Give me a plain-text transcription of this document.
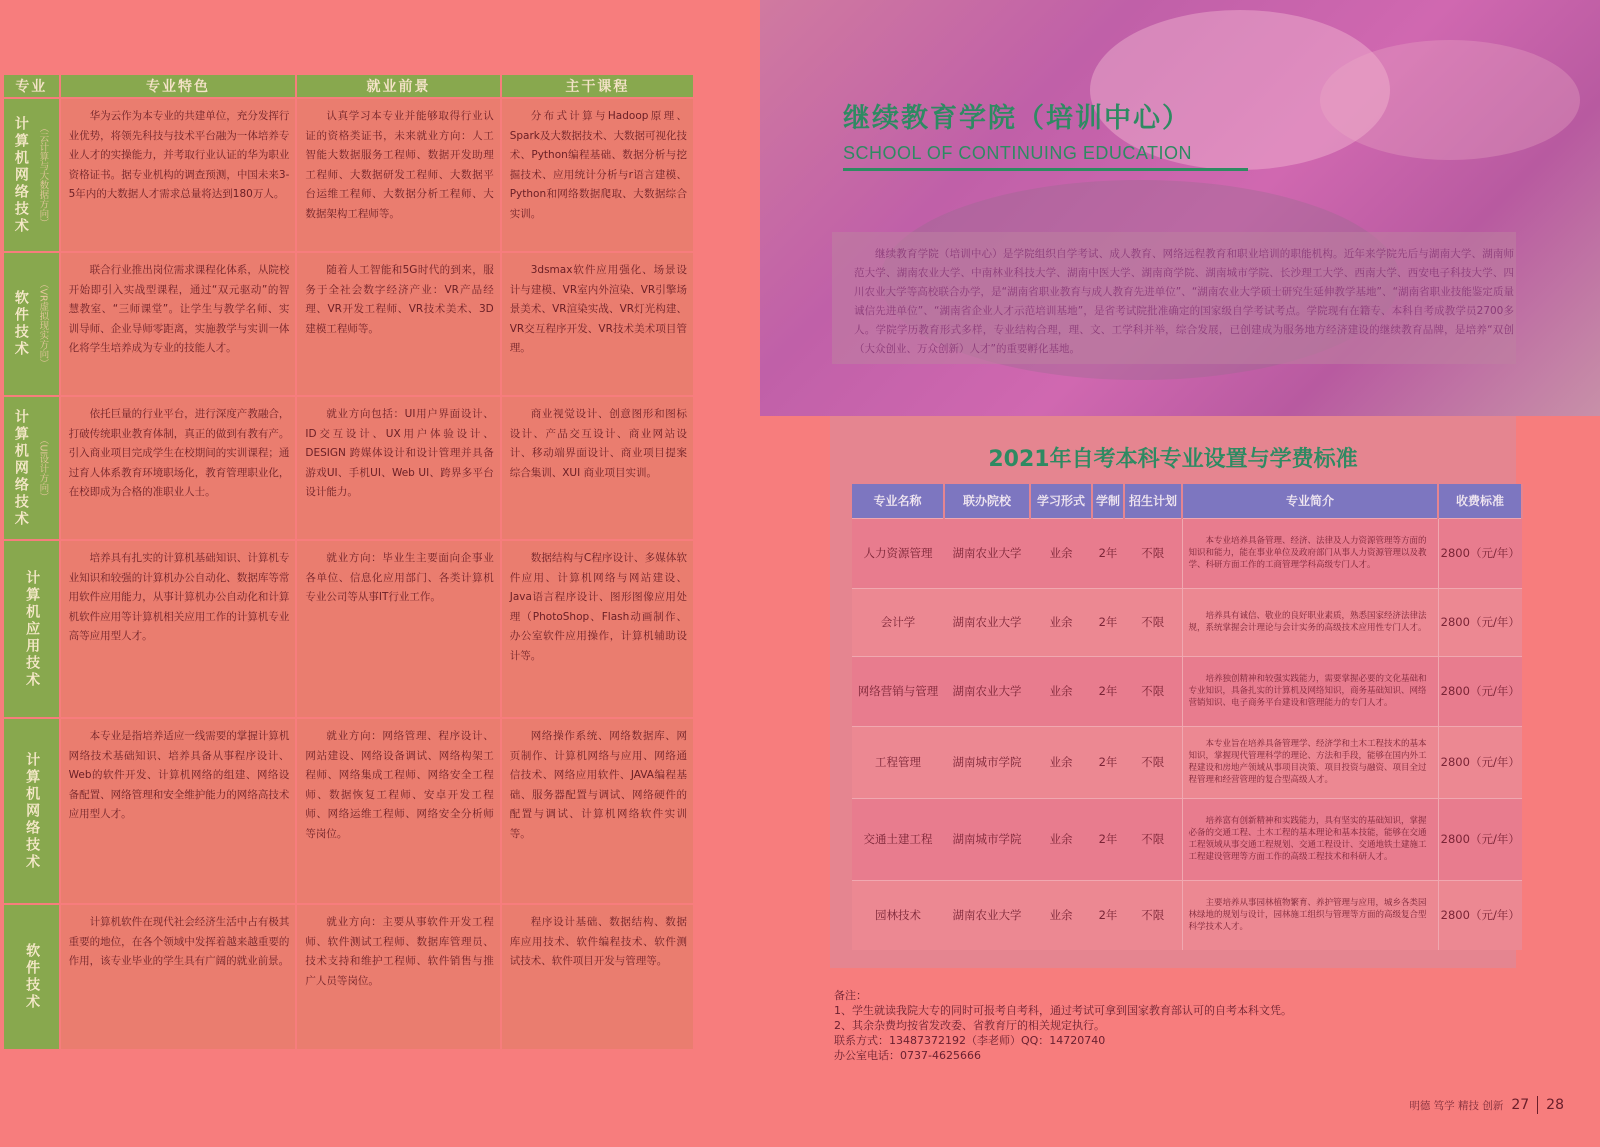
专业	专业特色	就业前景	主干课程

计算机网络技术 （云计算与大数据方向）	华为云作为本专业的共建单位，充分发挥行业优势，将领先科技与技术平台融为一体培养专业人才的实操能力，并考取行业认证的华为职业资格证书。据专业机构的调查预测，中国未来3-5年内的大数据人才需求总量将达到180万人。	认真学习本专业并能够取得行业认证的资格类证书，未来就业方向：人工智能大数据服务工程师、数据开发助理工程师、大数据研发工程师、大数据平台运维工程师、大数据分析工程师、大数据架构工程师等。	分布式计算与Hadoop原理、Spark及大数据技术、大数据可视化技术、Python编程基础、数据分析与挖掘技术、应用统计分析与r语言建模、Python和网络数据爬取、大数据综合实训。

软件技术 （VR虚拟现实方向）	联合行业推出岗位需求课程化体系，从院校开始即引入实战型课程，通过“双元驱动”的智慧教室、“三师课堂”。让学生与教学名师、实训导师、企业导师零距离，实施教学与实训一体化将学生培养成为专业的技能人才。	随着人工智能和5G时代的到来，服务于全社会数字经济产业：VR产品经理、VR开发工程师、VR技术美术、3D建模工程师等。	3dsmax软件应用强化、场景设计与建模、VR室内外渲染、VR引擎场景美术、VR渲染实战、VR灯光构建、VR交互程序开发、VR技术美术项目管理。

计算机网络技术 （UI设计方向）	依托巨量的行业平台，进行深度产教融合，打破传统职业教育体制，真正的做到有教有产。引入商业项目完成学生在校期间的实训课程；通过育人体系教育环境职场化，教育管理职业化，在校即成为合格的准职业人士。	就业方向包括：UI用户界面设计、ID交互设计、UX用户体验设计、DESIGN 跨媒体设计和设计管理并具备游戏UI、手机UI、Web UI、跨界多平台设计能力。	商业视觉设计、创意图形和图标设计、产品交互设计、商业网站设计、移动端界面设计、商业项目提案综合集训、XUI 商业项目实训。

计算机应用技术	培养具有扎实的计算机基础知识、计算机专业知识和较强的计算机办公自动化、数据库等常用软件应用能力，从事计算机办公自动化和计算机软件应用等计算机相关应用工作的计算机专业高等应用型人才。	就业方向：毕业生主要面向企事业各单位、信息化应用部门、各类计算机专业公司等从事IT行业工作。	数据结构与C程序设计、多媒体软件应用、计算机网络与网站建设、Java语言程序设计、图形图像应用处理（PhotoShop、Flash动画制作、办公室软件应用操作，计算机辅助设计等。

计算机网络技术	本专业是指培养适应一线需要的掌握计算机网络技术基础知识、培养具备从事程序设计、Web的软件开发、计算机网络的组建、网络设备配置、网络管理和安全维护能力的网络高技术应用型人才。	就业方向：网络管理、程序设计、网站建设、网络设备调试、网络构架工程师、网络集成工程师、网络安全工程师、数据恢复工程师、安卓开发工程师、网络运维工程师、网络安全分析师等岗位。	网络操作系统、网络数据库、网页制作、计算机网络与应用、网络通信技术、网络应用软件、JAVA编程基础、服务器配置与调试、网络硬件的配置与调试、计算机网络软件实训等。

软件技术	计算机软件在现代社会经济生活中占有极其重要的地位，在各个领域中发挥着越来越重要的作用，该专业毕业的学生具有广阔的就业前景。	就业方向：主要从事软件开发工程师、软件测试工程师、数据库管理员、技术支持和维护工程师、软件销售与推广人员等岗位。	程序设计基础、数据结构、数据库应用技术、软件编程技术、软件测试技术、软件项目开发与管理等。
继续教育学院（培训中心）
SCHOOL OF CONTINUING EDUCATION
继续教育学院（培训中心）是学院组织自学考试、成人教育、网络远程教育和职业培训的职能机构。近年来学院先后与湖南大学、湖南师范大学、湖南农业大学、中南林业科技大学、湖南中医大学、湖南商学院、湖南城市学院、长沙理工大学、西南大学、西安电子科技大学、四川农业大学等高校联合办学，是“湖南省职业教育与成人教育先进单位”、“湖南农业大学硕士研究生延伸教学基地”、“湖南省职业技能鉴定质量诚信先进单位”、“湖南省企业人才示范培训基地”，是省考试院批准确定的国家级自学考试考点。学院现有在籍专、本科自考成教学员2700多人。学院学历教育形式多样，专业结构合理，理、文、工学科并举，综合发展，已创建成为服务地方经济建设的继续教育品牌，是培养“双创（大众创业、万众创新）人才”的重要孵化基地。
2021年自考本科专业设置与学费标准
专业名称	联办院校	学习形式	学制	招生计划	专业简介	收费标准
人力资源管理	湖南农业大学	业余	2年	不限	本专业培养具备管理、经济、法律及人力资源管理等方面的知识和能力，能在事业单位及政府部门从事人力资源管理以及教学、科研方面工作的工商管理学科高级专门人才。	2800（元/年）
会计学	湖南农业大学	业余	2年	不限	培养具有诚信、敬业的良好职业素质，熟悉国家经济法律法规，系统掌握会计理论与会计实务的高级技术应用性专门人才。	2800（元/年）
网络营销与管理	湖南农业大学	业余	2年	不限	培养独创精神和较强实践能力，需要掌握必要的文化基础和专业知识，具备扎实的计算机及网络知识，商务基础知识、网络营销知识、电子商务平台建设和管理能力的专门人才。	2800（元/年）
工程管理	湖南城市学院	业余	2年	不限	本专业旨在培养具备管理学、经济学和土木工程技术的基本知识，掌握现代管理科学的理论、方法和手段，能够在国内外工程建设和房地产领域从事项目决策、项目投资与融资、项目全过程管理和经营管理的复合型高级人才。	2800（元/年）
交通土建工程	湖南城市学院	业余	2年	不限	培养富有创新精神和实践能力，具有坚实的基础知识，掌握必备的交通工程、土木工程的基本理论和基本技能，能够在交通工程领域从事交通工程规划、交通工程设计、交通地铁土建施工工程建设管理等方面工作的高级工程技术和科研人才。	2800（元/年）
园林技术	湖南农业大学	业余	2年	不限	主要培养从事园林植物繁育、养护管理与应用，城乡各类园林绿地的规划与设计，园林施工组织与管理等方面的高级复合型科学技术人才。	2800（元/年）
备注：
1、学生就读我院大专的同时可报考自考科，通过考试可拿到国家教育部认可的自考本科文凭。
2、其余杂费均按省发改委、省教育厅的相关规定执行。
联系方式：13487372192（李老师）QQ：14720740
办公室电话：0737-4625666
明德 笃学 精技 创新 27 28
